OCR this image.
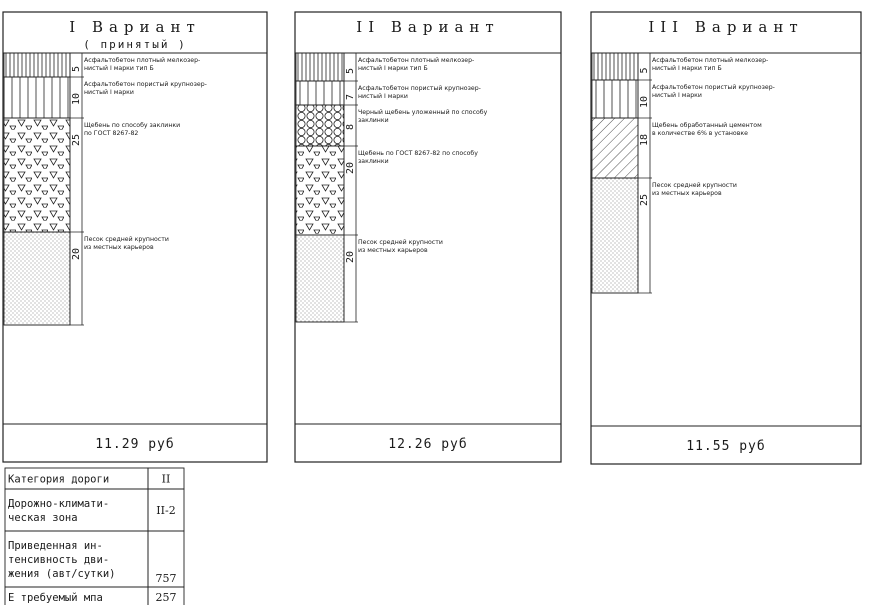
I Вариант
( принятый )
5
Асфальтобетон плотный мелкозер-
нистый I марки тип Б
10
Асфальтобетон пористый крупнозер-
нистый I марки
25
Щебень по способу заклинки
по ГОСТ 8267-82
20
Песок средней крупности
из местных карьеров
11.29 руб
II Вариант
5
Асфальтобетон плотный мелкозер-
нистый I марки тип Б
7
Асфальтобетон пористый крупнозер-
нистый I марки
8
Черный щебень уложенный по способу
заклинки
20
Щебень по ГОСТ 8267-82 по способу
заклинки
20
Песок средней крупности
из местных карьеров
12.26 руб
III Вариант
5
Асфальтобетон плотный мелкозер-
нистый I марки тип Б
10
Асфальтобетон пористый крупнозер-
нистый I марки
18
Щебень обработанный цементом
в количестве 6% в установке
25
Песок средней крупности
из местных карьеров
11.55 руб
Категория дороги	II
Дорожно-климати-
ческая зона
II-2
Приведенная ин-
тенсивность дви-
жения (авт/сутки)	757
Е требуемый мпа	257
